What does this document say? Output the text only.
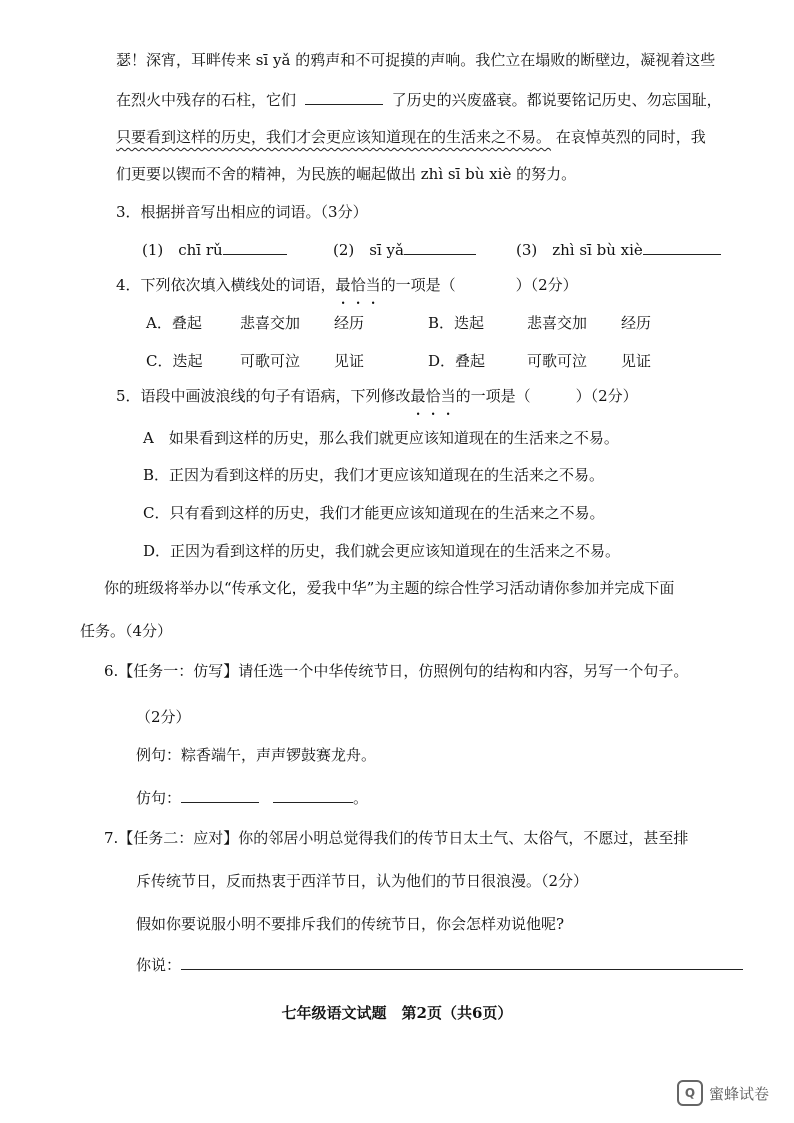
瑟！深宵，耳畔传来 sī yǎ 的鸦声和不可捉摸的声响。我伫立在塌败的断壁边，凝视着这些
在烈火中残存的石柱，它们	了历史的兴废盛衰。都说要铭记历史、勿忘国耻，
只要看到这样的历史，我们才会更应该知道现在的生活来之不易。 在哀悼英烈的同时，我
们更要以锲而不舍的精神，为民族的崛起做出 zhì sī bù xiè 的努力。
3．根据拼音写出相应的词语。（3分）
(1)　chī rǔ	(2)　sī yǎ	(3)　zhì sī bù xiè
4．下列依次填入横线处的词语，最恰当的一项是（　　　　）（2分）
A．叠起	悲喜交加 经历	B．迭起	悲喜交加 经历
C．迭起	可歌可泣 见证	D．叠起	可歌可泣 见证
5．语段中画波浪线的句子有语病，下列修改最恰当的一项是（　　　）（2分）
A　如果看到这样的历史，那么我们就更应该知道现在的生活来之不易。
B．正因为看到这样的历史，我们才更应该知道现在的生活来之不易。
C．只有看到这样的历史，我们才能更应该知道现在的生活来之不易。
D．正因为看到这样的历史，我们就会更应该知道现在的生活来之不易。
你的班级将举办以“传承文化，爱我中华”为主题的综合性学习活动请你参加并完成下面
任务。（4分）
6.【任务一：仿写】请任选一个中华传统节日，仿照例句的结构和内容，另写一个句子。
（2分）
例句：粽香端午，声声锣鼓赛龙舟。
仿句：	。
7.【任务二：应对】你的邻居小明总觉得我们的传节日太土气、太俗气，不愿过，甚至排
斥传统节日，反而热衷于西洋节日，认为他们的节日很浪漫。（2分）
假如你要说服小明不要排斥我们的传统节日，你会怎样劝说他呢?
你说：
七年级语文试题　第2页（共6页）
Q 蜜蜂试卷
